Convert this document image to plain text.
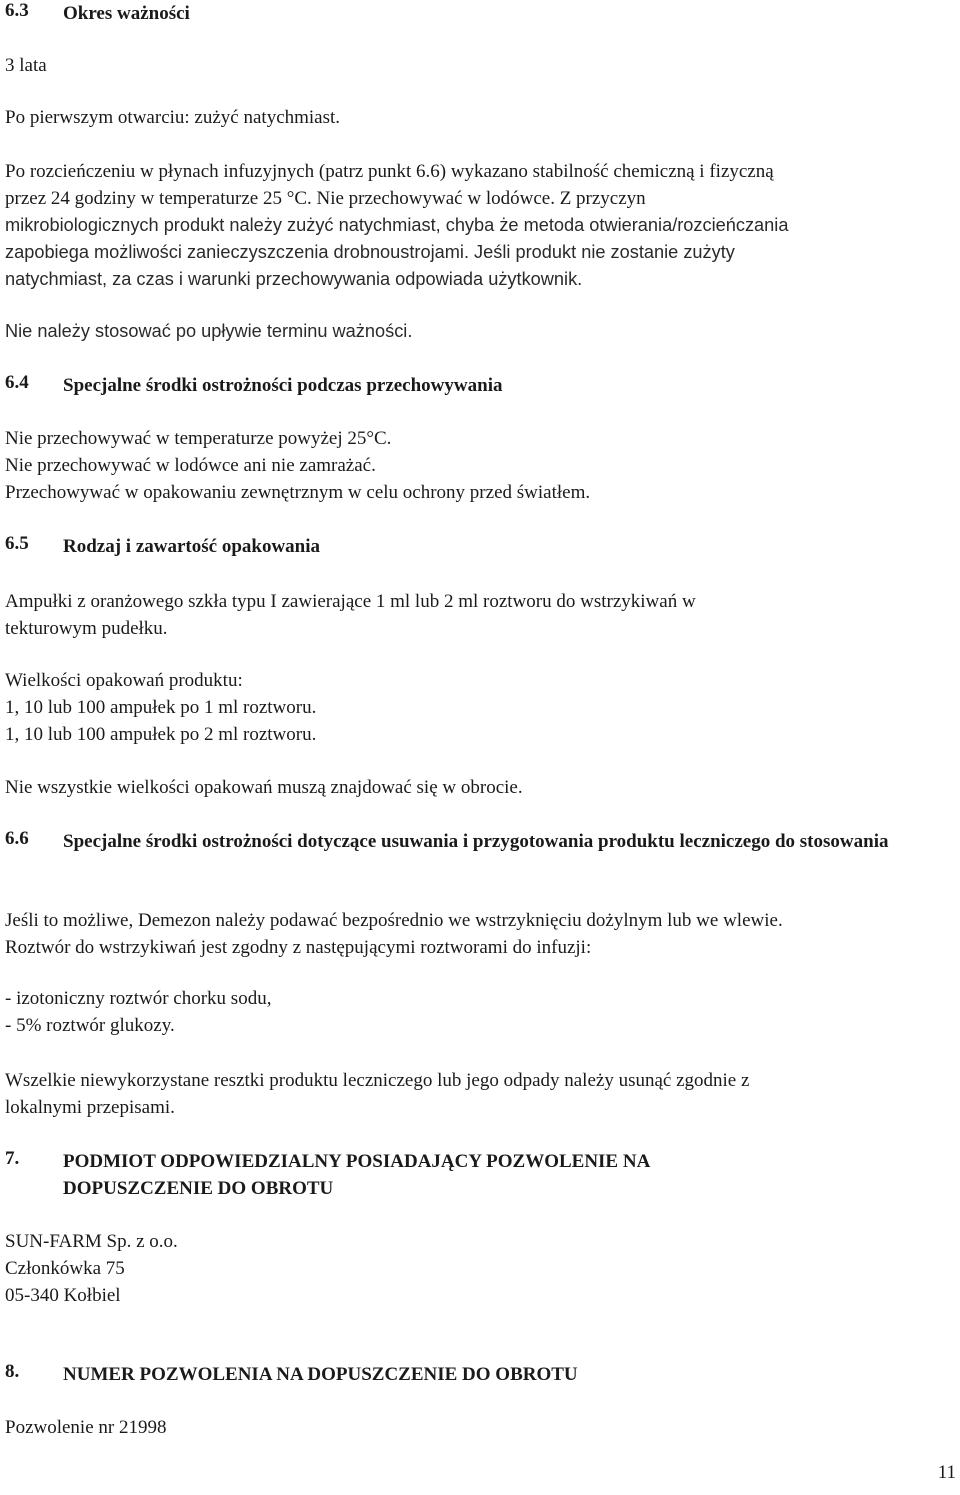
6.3	Okres ważności
3 lata
Po pierwszym otwarciu: zużyć natychmiast.
Po rozcieńczeniu w płynach infuzyjnych (patrz punkt 6.6) wykazano stabilność chemiczną i fizyczną
przez 24 godziny w temperaturze 25 °C. Nie przechowywać w lodówce. Z przyczyn
mikrobiologicznych produkt należy zużyć natychmiast, chyba że metoda otwierania/rozcieńczania
zapobiega możliwości zanieczyszczenia drobnoustrojami. Jeśli produkt nie zostanie zużyty
natychmiast, za czas i warunki przechowywania odpowiada użytkownik.
Nie należy stosować po upływie terminu ważności.
6.4	Specjalne środki ostrożności podczas przechowywania
Nie przechowywać w temperaturze powyżej 25°C.
Nie przechowywać w lodówce ani nie zamrażać.
Przechowywać w opakowaniu zewnętrznym w celu ochrony przed światłem.
6.5	Rodzaj i zawartość opakowania
Ampułki z oranżowego szkła typu I zawierające 1 ml lub 2 ml roztworu do wstrzykiwań w
tekturowym pudełku.
Wielkości opakowań produktu:
1, 10 lub 100 ampułek po 1 ml roztworu.
1, 10 lub 100 ampułek po 2 ml roztworu.
Nie wszystkie wielkości opakowań muszą znajdować się w obrocie.
6.6	Specjalne środki ostrożności dotyczące usuwania i przygotowania produktu leczniczego do stosowania
Jeśli to możliwe, Demezon należy podawać bezpośrednio we wstrzyknięciu dożylnym lub we wlewie.
Roztwór do wstrzykiwań jest zgodny z następującymi roztworami do infuzji:
- izotoniczny roztwór chorku sodu,
- 5% roztwór glukozy.
Wszelkie niewykorzystane resztki produktu leczniczego lub jego odpady należy usunąć zgodnie z
lokalnymi przepisami.
7.	PODMIOT ODPOWIEDZIALNY POSIADAJĄCY POZWOLENIE NA DOPUSZCZENIE DO OBROTU
SUN-FARM Sp. z o.o.
Członkówka 75
05-340 Kołbiel
8.	NUMER POZWOLENIA NA DOPUSZCZENIE DO OBROTU
Pozwolenie nr 21998
11
